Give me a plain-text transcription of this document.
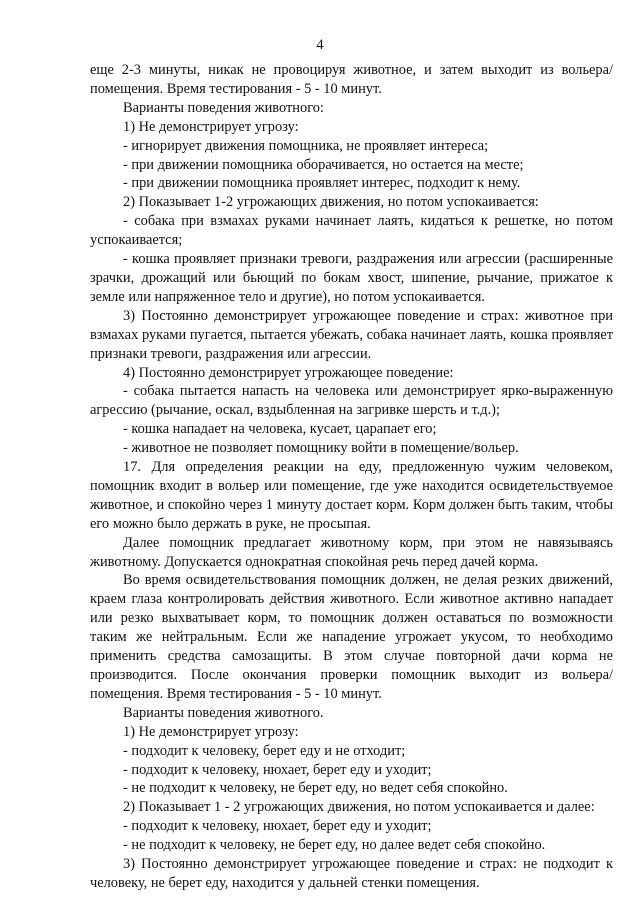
4

еще 2-3 минуты, никак не провоцируя животное, и затем выходит из вольера/помещения. Время тестирования - 5 - 10 минут.

Варианты поведения животного:

1) Не демонстрирует угрозу:

- игнорирует движения помощника, не проявляет интереса;

- при движении помощника оборачивается, но остается на месте;

- при движении помощника проявляет интерес, подходит к нему.

2) Показывает 1-2 угрожающих движения, но потом успокаивается:

- собака при взмахах руками начинает лаять, кидаться к решетке, но потом успокаивается;

- кошка проявляет признаки тревоги, раздражения или агрессии (расширенные зрачки, дрожащий или бьющий по бокам хвост, шипение, рычание, прижатое к земле или напряженное тело и другие), но потом успокаивается.

3) Постоянно демонстрирует угрожающее поведение и страх: животное при взмахах руками пугается, пытается убежать, собака начинает лаять, кошка проявляет признаки тревоги, раздражения или агрессии.

4) Постоянно демонстрирует угрожающее поведение:

- собака пытается напасть на человека или демонстрирует ярко-выраженную агрессию (рычание, оскал, вздыбленная на загривке шерсть и т.д.);

- кошка нападает на человека, кусает, царапает его;

- животное не позволяет помощнику войти в помещение/вольер.

17. Для определения реакции на еду, предложенную чужим человеком, помощник входит в вольер или помещение, где уже находится освидетельствуемое животное, и спокойно через 1 минуту достает корм. Корм должен быть таким, чтобы его можно было держать в руке, не просыпая.

Далее помощник предлагает животному корм, при этом не навязываясь животному. Допускается однократная спокойная речь перед дачей корма.

Во время освидетельствования помощник должен, не делая резких движений, краем глаза контролировать действия животного. Если животное активно нападает или резко выхватывает корм, то помощник должен оставаться по возможности таким же нейтральным. Если же нападение угрожает укусом, то необходимо применить средства самозащиты. В этом случае повторной дачи корма не производится. После окончания проверки помощник выходит из вольера/помещения. Время тестирования - 5 - 10 минут.

Варианты поведения животного.

1) Не демонстрирует угрозу:

- подходит к человеку, берет еду и не отходит;

- подходит к человеку, нюхает, берет еду и уходит;

- не подходит к человеку, не берет еду, но ведет себя спокойно.

2) Показывает 1 - 2 угрожающих движения, но потом успокаивается и далее:

- подходит к человеку, нюхает, берет еду и уходит;

- не подходит к человеку, не берет еду, но далее ведет себя спокойно.

3) Постоянно демонстрирует угрожающее поведение и страх: не подходит к человеку, не берет еду, находится у дальней стенки помещения.
